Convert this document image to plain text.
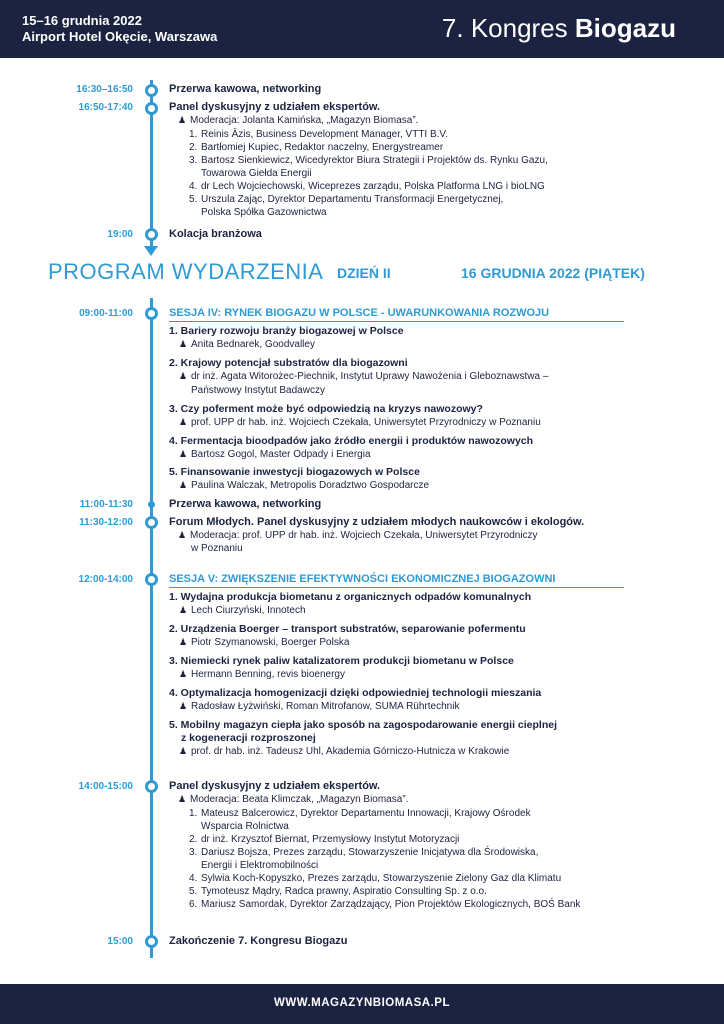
15–16 grudnia 2022
Airport Hotel Okęcie, Warszawa	7. Kongres Biogazu
16:30–16:50	Przerwa kawowa, networking
16:50-17:40	Panel dyskusyjny z udziałem ekspertów.
♟ Moderacja: Jolanta Kamińska, „Magazyn Biomasa”.
1. Reinis Āzis, Business Development Manager, VTTI B.V.
2. Bartłomiej Kupiec, Redaktor naczelny, Energystreamer
3. Bartosz Sienkiewicz, Wicedyrektor Biura Strategii i Projektów ds. Rynku Gazu,
Towarowa Giełda Energii
4. dr Lech Wojciechowski, Wiceprezes zarządu, Polska Platforma LNG i bioLNG
5. Urszula Zając, Dyrektor Departamentu Transformacji Energetycznej,
Polska Spółka Gazownictwa
19:00	Kolacja branżowa
PROGRAM WYDARZENIA DZIEŃ II	16 GRUDNIA 2022 (PIĄTEK)
09:00-11:00	SESJA IV: RYNEK BIOGAZU W POLSCE - UWARUNKOWANIA ROZWOJU
1. Bariery rozwoju branży biogazowej w Polsce
♟ Anita Bednarek, Goodvalley
2. Krajowy potencjał substratów dla biogazowni
♟ dr inż. Agata Witorożec-Piechnik, Instytut Uprawy Nawożenia i Gleboznawstwa –
Państwowy Instytut Badawczy
3. Czy poferment może być odpowiedzią na kryzys nawozowy?
♟ prof. UPP dr hab. inż. Wojciech Czekała, Uniwersytet Przyrodniczy w Poznaniu
4. Fermentacja bioodpadów jako źródło energii i produktów nawozowych
♟ Bartosz Gogol, Master Odpady i Energia
5. Finansowanie inwestycji biogazowych w Polsce
♟ Paulina Walczak, Metropolis Doradztwo Gospodarcze
11:00-11:30	Przerwa kawowa, networking
11:30-12:00	Forum Młodych. Panel dyskusyjny z udziałem młodych naukowców i ekologów.
♟ Moderacja: prof. UPP dr hab. inż. Wojciech Czekała, Uniwersytet Przyrodniczy
w Poznaniu
12:00-14:00	SESJA V: ZWIĘKSZENIE EFEKTYWNOŚCI EKONOMICZNEJ BIOGAZOWNI
1. Wydajna produkcja biometanu z organicznych odpadów komunalnych
♟ Lech Ciurzyński, Innotech
2. Urządzenia Boerger – transport substratów, separowanie pofermentu
♟ Piotr Szymanowski, Boerger Polska
3. Niemiecki rynek paliw katalizatorem produkcji biometanu w Polsce
♟ Hermann Benning, revis bioenergy
4. Optymalizacja homogenizacji dzięki odpowiedniej technologii mieszania
♟ Radosław Łyżwiński, Roman Mitrofanow, SUMA Rührtechnik
5. Mobilny magazyn ciepła jako sposób na zagospodarowanie energii cieplnej
z kogeneracji rozproszonej
♟ prof. dr hab. inż. Tadeusz Uhl, Akademia Górniczo-Hutnicza w Krakowie
14:00-15:00	Panel dyskusyjny z udziałem ekspertów.
♟ Moderacja: Beata Klimczak, „Magazyn Biomasa”.
1. Mateusz Balcerowicz, Dyrektor Departamentu Innowacji, Krajowy Ośrodek
Wsparcia Rolnictwa
2. dr inż. Krzysztof Biernat, Przemysłowy Instytut Motoryzacji
3. Dariusz Bojsza, Prezes zarządu, Stowarzyszenie Inicjatywa dla Środowiska,
Energii i Elektromobilności
4. Sylwia Koch-Kopyszko, Prezes zarządu, Stowarzyszenie Zielony Gaz dla Klimatu
5. Tymoteusz Mądry, Radca prawny, Aspiratio Consulting Sp. z o.o.
6. Mariusz Samordak, Dyrektor Zarządzający, Pion Projektów Ekologicznych, BOŚ Bank
15:00	Zakończenie 7. Kongresu Biogazu
WWW.MAGAZYNBIOMASA.PL
